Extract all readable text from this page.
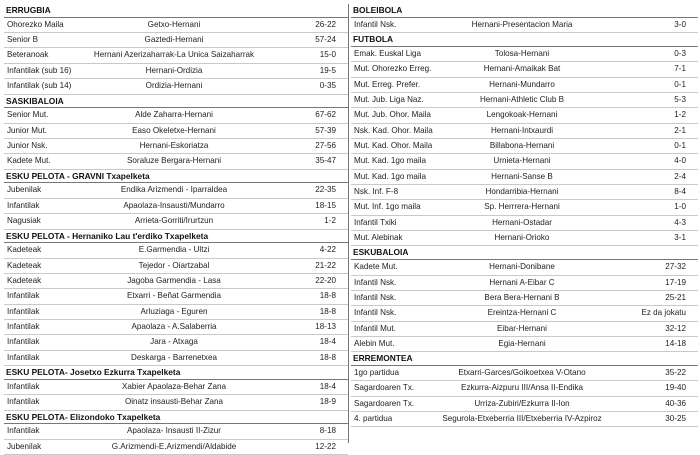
ERRUGBIA
Ohorezko Maila	Getxo-Hernani	26-22
Senior B	Gaztedi-Hernani	57-24
Beteranoak	Hernani Azerizaharrak-La Unica Saizaharrak	15-0
Infantilak (sub 16)	Hernani-Ordizia	19-5
Infantilak (sub 14)	Ordizia-Hernani	0-35
SASKIBALOIA
Senior Mut.	Alde Zaharra-Hernani	67-62
Junior Mut.	Easo Okeletxe-Hernani	57-39
Junior Nsk.	Hernani-Eskoriatza	27-56
Kadete Mut.	Soraluze Bergara-Hernani	35-47
ESKU PELOTA - GRAVNI Txapelketa
Jubenilak	Endika Arizmendi - Iparraldea	22-35
Infantilak	Apaolaza-Insausti/Mundarro	18-15
Nagusiak	Arrieta-Gorriti/Irurtzun	1-2
ESKU PELOTA - Hernaniko Lau t'erdiko Txapelketa
Kadeteak	E.Garmendia - Ultzi	4-22
Kadeteak	Tejedor - Oiartzabal	21-22
Kadeteak	Jagoba Garmendia - Lasa	22-20
Infantilak	Etxarri - Beñat Garmendia	18-8
Infantilak	Arluziaga - Eguren	18-8
Infantilak	Apaolaza - A.Salaberria	18-13
Infantilak	Jara - Atxaga	18-4
Infantilak	Deskarga - Barrenetxea	18-8
ESKU PELOTA- Josetxo Ezkurra Txapelketa
Infantilak	Xabier Apaolaza-Behar Zana	18-4
Infantilak	Oinatz insausti-Behar Zana	18-9
ESKU PELOTA- Elizondoko Txapelketa
Infantilak	Apaolaza- Insausti II-Zizur	8-18
Jubenilak	G.Arizmendi-E.Arizmendi/Aldabide	12-22
BOLEIBOLA
Infantil Nsk.	Hernani-Presentacion Maria	3-0
FUTBOLA
Emak. Euskal Liga	Tolosa-Hernani	0-3
Mut. Ohorezko Erreg.	Hernani-Amaikak Bat	7-1
Mut. Erreg. Prefer.	Hernani-Mundarro	0-1
Mut. Jub. Liga Naz.	Hernani-Athletic Club B	5-3
Mut. Jub. Ohor. Maila	Lengokoak-Hernani	1-2
Nsk. Kad. Ohor. Maila	Hernani-Intxaurdi	2-1
Mut. Kad. Ohor. Maila	Billabona-Hernani	0-1
Mut. Kad. 1go maila	Urnieta-Hernani	4-0
Mut. Kad. 1go maila	Hernani-Sanse B	2-4
Nsk. Inf. F-8	Hondarribia-Hernani	8-4
Mut. Inf. 1go maila	Sp. Herrrera-Hernani	1-0
Infantil Txiki	Hernani-Ostadar	4-3
Mut. Alebinak	Hernani-Orioko	3-1
ESKUBALOIA
Kadete Mut.	Hernani-Donibane	27-32
Infantil Nsk.	Hernani A-Eibar C	17-19
Infantil Nsk.	Bera Bera-Hernani B	25-21
Infantil Nsk.	Ereintza-Hernani C	Ez da jokatu
Infantil Mut.	Eibar-Hernani	32-12
Alebin Mut.	Egia-Hernani	14-18
ERREMONTEA
1go partidua	Etxarri-Garces/Goikoetxea V-Otano	35-22
Sagardoaren Tx.	Ezkurra-Aizpuru III/Ansa II-Endika	19-40
Sagardoaren Tx.	Urriza-Zubiri/Ezkurra II-Ion	40-36
4. partidua	Segurola-Etxeberria III/Etxeberria IV-Azpiroz	30-25
